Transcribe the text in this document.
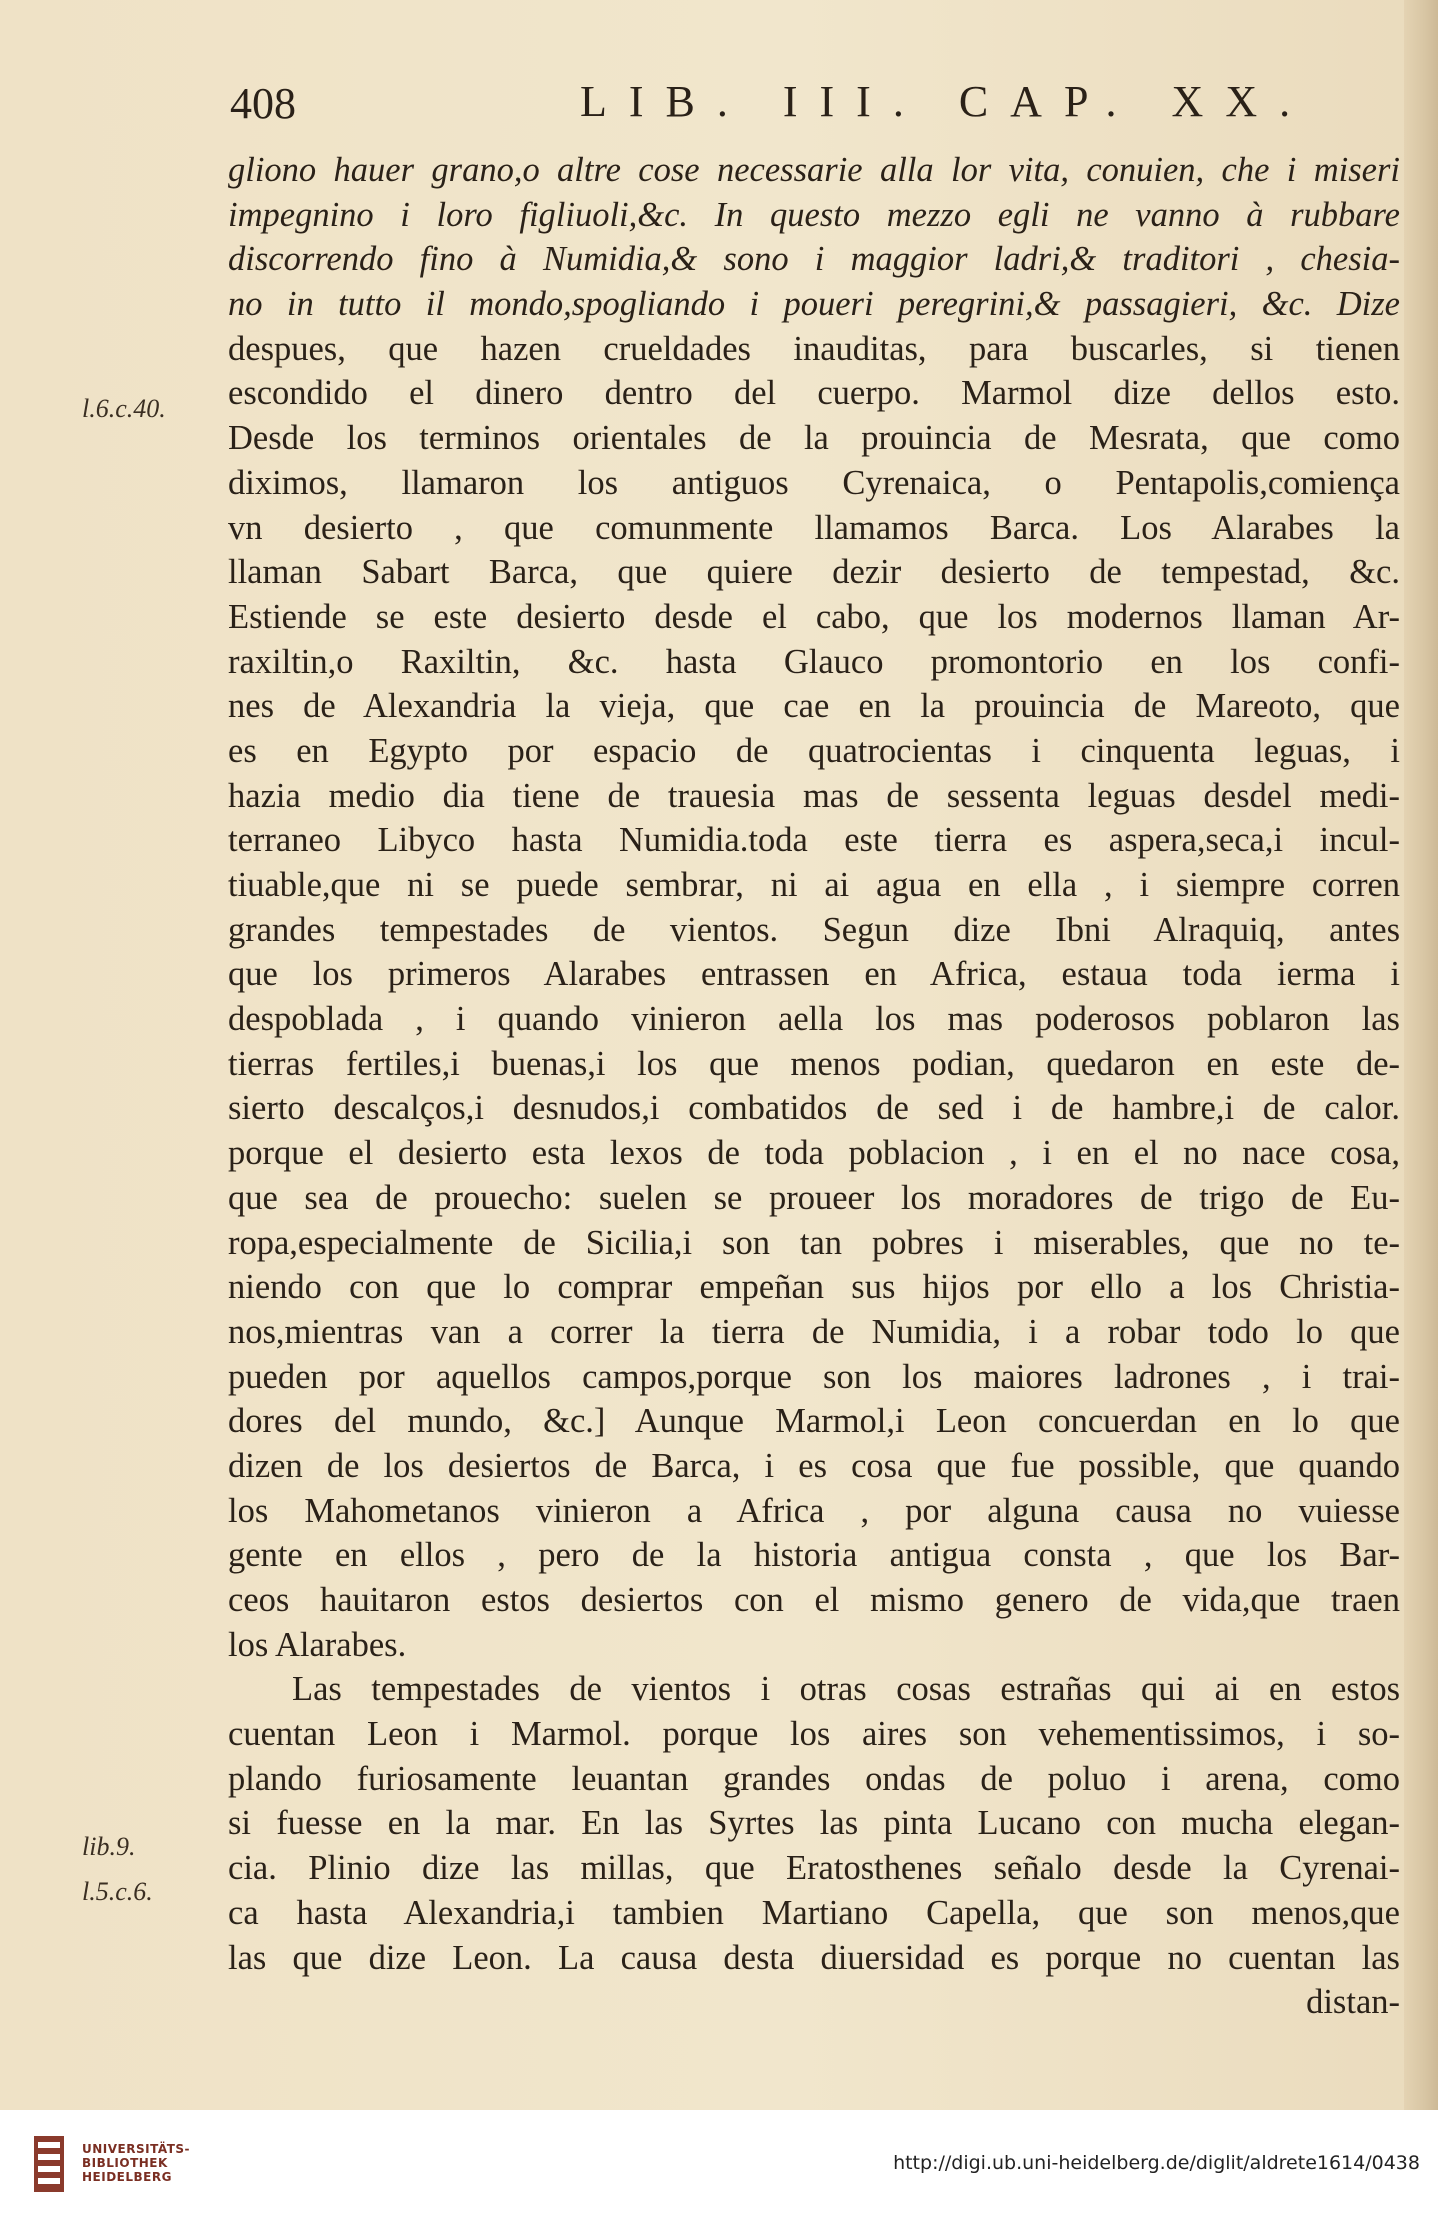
408	LIB. III. CAP. XX.
l.6.c.40.
lib.9.
l.5.c.6.
gliono hauer grano,o altre cose necessarie alla lor vita, conuien, che i miseri
impegnino i loro figliuoli,&c. In questo mezzo egli ne vanno à rubbare
discorrendo fino à Numidia,& sono i maggior ladri,& traditori , chesia-
no in tutto il mondo,spogliando i poueri peregrini,& passagieri, &c. Dize
despues, que hazen crueldades inauditas, para buscarles, si tienen
escondido el dinero dentro del cuerpo. Marmol dize dellos esto.
Desde los terminos orientales de la prouincia de Mesrata, que como
diximos, llamaron los antiguos Cyrenaica, o Pentapolis,comiença
vn desierto , que comunmente llamamos Barca. Los Alarabes la
llaman Sabart Barca, que quiere dezir desierto de tempestad, &c.
Estiende se este desierto desde el cabo, que los modernos llaman Ar-
raxiltin,o Raxiltin, &c. hasta Glauco promontorio en los confi-
nes de Alexandria la vieja, que cae en la prouincia de Mareoto, que
es en Egypto por espacio de quatrocientas i cinquenta leguas, i
hazia medio dia tiene de trauesia mas de sessenta leguas desdel medi-
terraneo Libyco hasta Numidia.toda este tierra es aspera,seca,i incul-
tiuable,que ni se puede sembrar, ni ai agua en ella , i siempre corren
grandes tempestades de vientos. Segun dize Ibni Alraquiq, antes
que los primeros Alarabes entrassen en Africa, estaua toda ierma i
despoblada , i quando vinieron aella los mas poderosos poblaron las
tierras fertiles,i buenas,i los que menos podian, quedaron en este de-
sierto descalços,i desnudos,i combatidos de sed i de hambre,i de calor.
porque el desierto esta lexos de toda poblacion , i en el no nace cosa,
que sea de prouecho: suelen se proueer los moradores de trigo de Eu-
ropa,especialmente de Sicilia,i son tan pobres i miserables, que no te-
niendo con que lo comprar empeñan sus hijos por ello a los Christia-
nos,mientras van a correr la tierra de Numidia, i a robar todo lo que
pueden por aquellos campos,porque son los maiores ladrones , i trai-
dores del mundo, &c.] Aunque Marmol,i Leon concuerdan en lo que
dizen de los desiertos de Barca, i es cosa que fue possible, que quando
los Mahometanos vinieron a Africa , por alguna causa no vuiesse
gente en ellos , pero de la historia antigua consta , que los Bar-
ceos hauitaron estos desiertos con el mismo genero de vida,que traen
los Alarabes.
Las tempestades de vientos i otras cosas estrañas qui ai en estos
cuentan Leon i Marmol. porque los aires son vehementissimos, i so-
plando furiosamente leuantan grandes ondas de poluo i arena, como
si fuesse en la mar. En las Syrtes las pinta Lucano con mucha elegan-
cia. Plinio dize las millas, que Eratosthenes señalo desde la Cyrenai-
ca hasta Alexandria,i tambien Martiano Capella, que son menos,que
las que dize Leon. La causa desta diuersidad es porque no cuentan las
distan-
UNIVERSITÄTS-
BIBLIOTHEK
HEIDELBERG
http://digi.ub.uni-heidelberg.de/diglit/aldrete1614/0438
